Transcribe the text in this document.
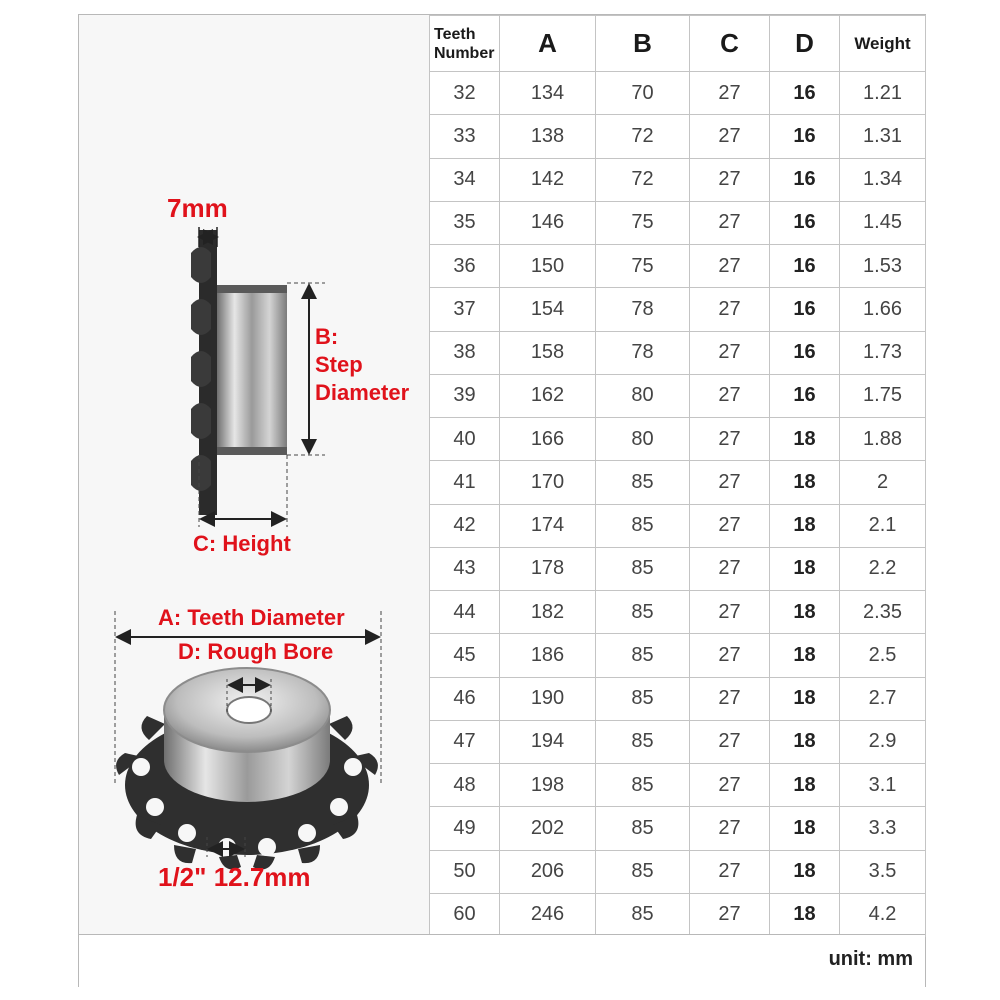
7mm
B:
Step
Diameter
C: Height
A: Teeth Diameter
D: Rough Bore
1/2" 12.7mm
Teeth
Number	A	B	C	D	Weight
32	134	70	27	16	1.21
33	138	72	27	16	1.31
34	142	72	27	16	1.34
35	146	75	27	16	1.45
36	150	75	27	16	1.53
37	154	78	27	16	1.66
38	158	78	27	16	1.73
39	162	80	27	16	1.75
40	166	80	27	18	1.88
41	170	85	27	18	2
42	174	85	27	18	2.1
43	178	85	27	18	2.2
44	182	85	27	18	2.35
45	186	85	27	18	2.5
46	190	85	27	18	2.7
47	194	85	27	18	2.9
48	198	85	27	18	3.1
49	202	85	27	18	3.3
50	206	85	27	18	3.5
60	246	85	27	18	4.2
unit: mm
